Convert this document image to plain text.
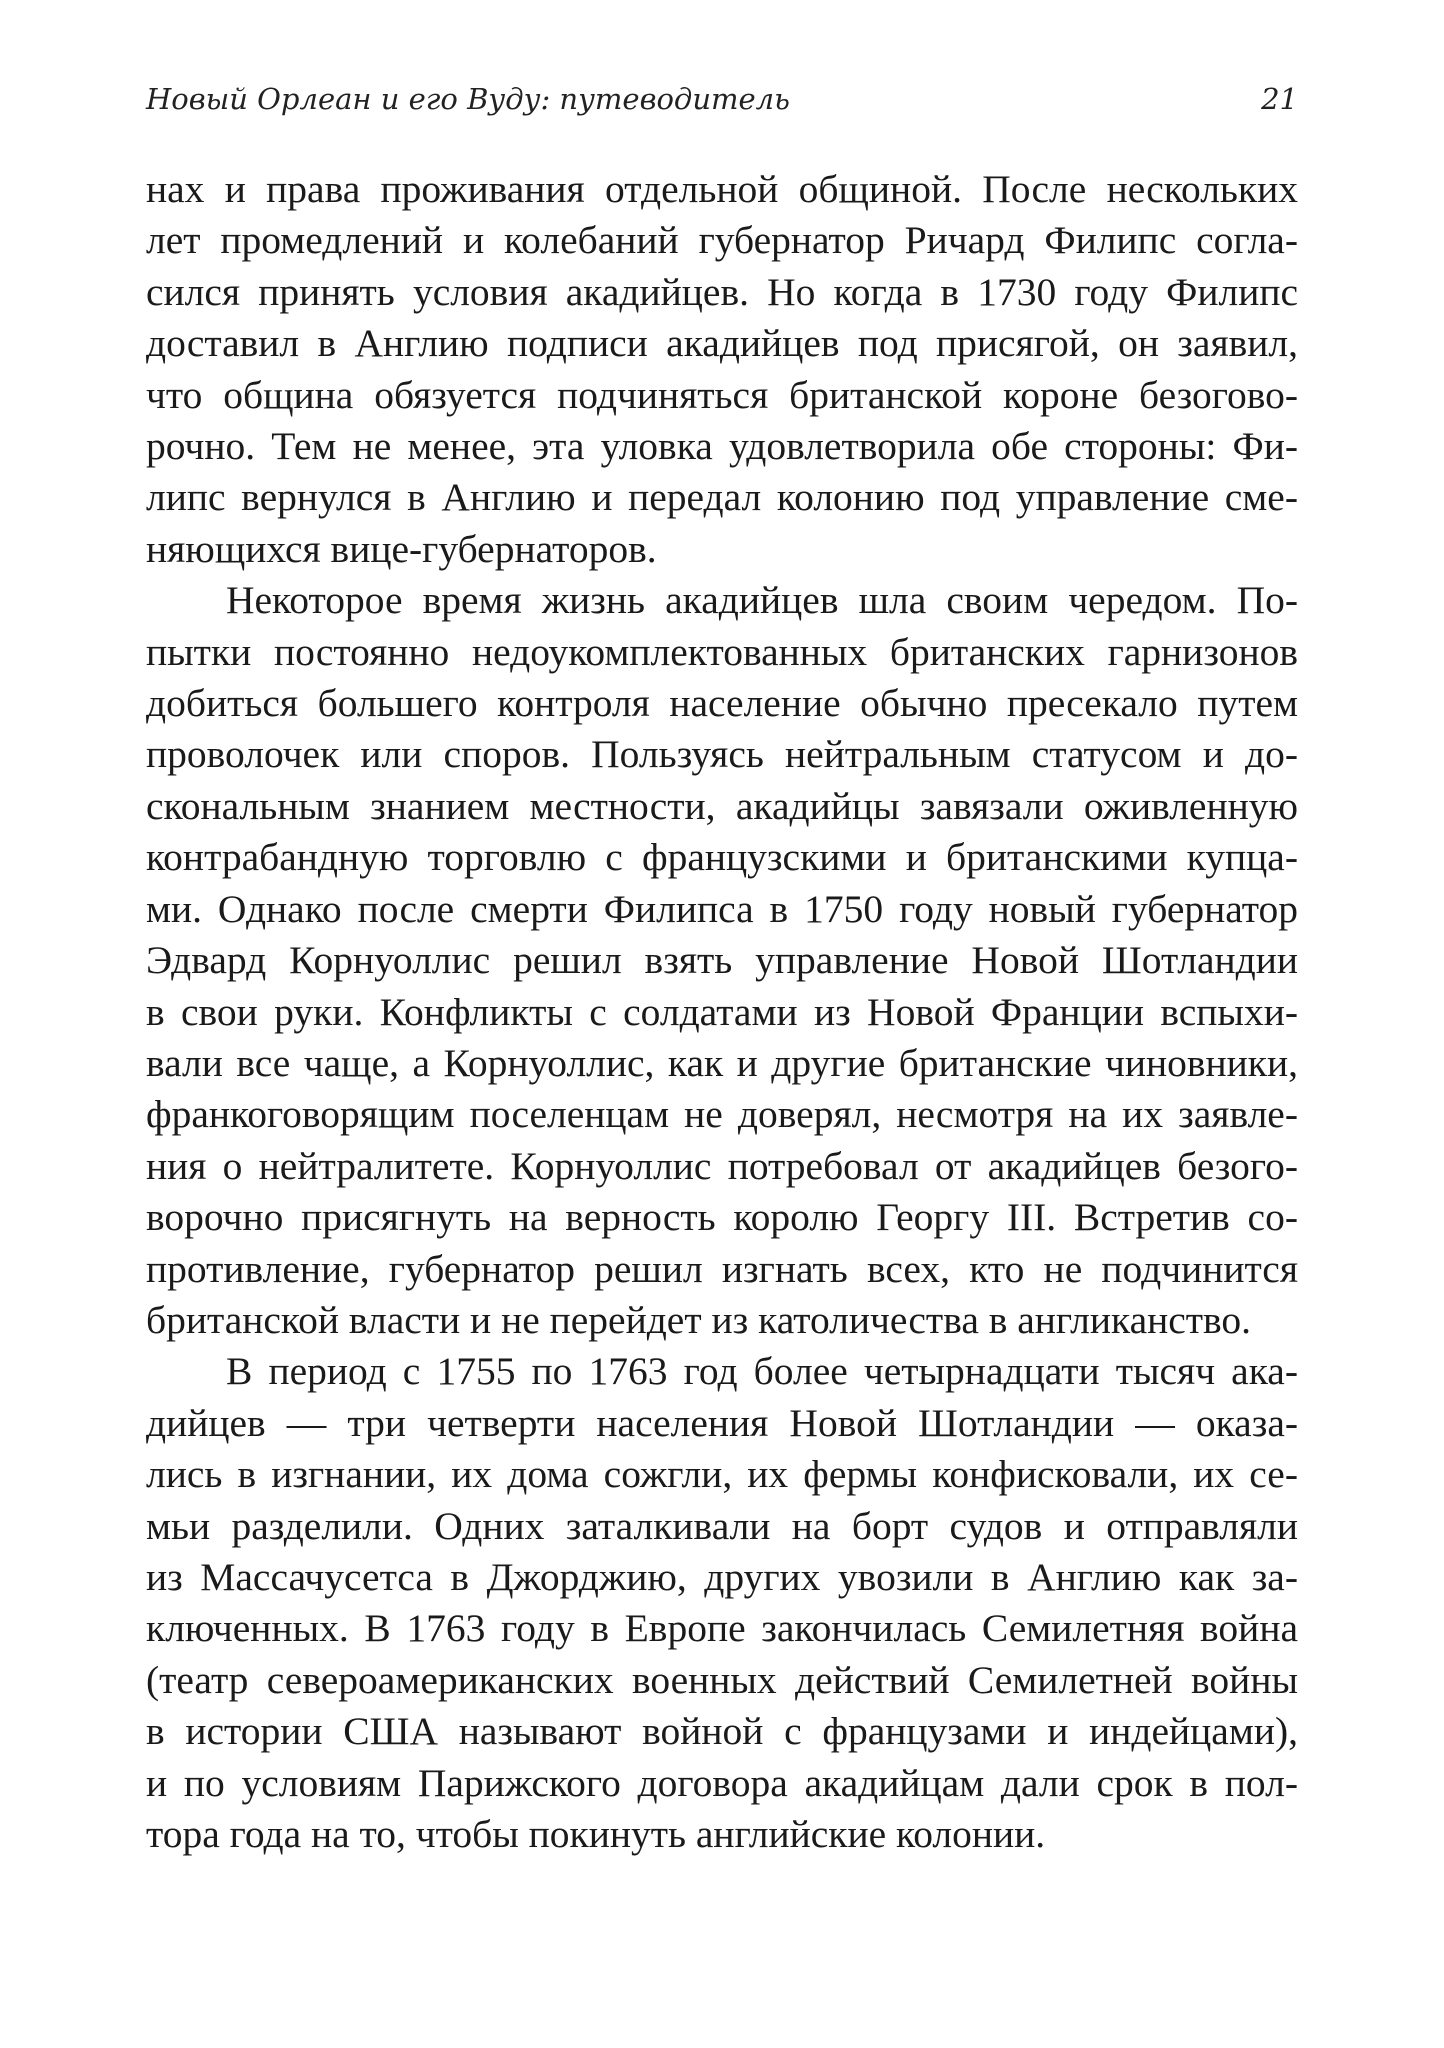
Новый Орлеан и его Вуду: путеводитель	21

нах и права проживания отдельной общиной. После нескольких

лет промедлений и колебаний губернатор Ричард Филипс согла-

сился принять условия акадийцев. Но когда в 1730 году Филипс

доставил в Англию подписи акадийцев под присягой, он заявил,

что община обязуется подчиняться британской короне безогово-

рочно. Тем не менее, эта уловка удовлетворила обе стороны: Фи-

липс вернулся в Англию и передал колонию под управление сме-

няющихся вице-губернаторов.

Некоторое время жизнь акадийцев шла своим чередом. По-

пытки постоянно недоукомплектованных британских гарнизонов

добиться большего контроля население обычно пресекало путем

проволочек или споров. Пользуясь нейтральным статусом и до-

скональным знанием местности, акадийцы завязали оживленную

контрабандную торговлю с французскими и британскими купца-

ми. Однако после смерти Филипса в 1750 году новый губернатор

Эдвард Корнуоллис решил взять управление Новой Шотландии

в свои руки. Конфликты с солдатами из Новой Франции вспыхи-

вали все чаще, а Корнуоллис, как и другие британские чиновники,

франкоговорящим поселенцам не доверял, несмотря на их заявле-

ния о нейтралитете. Корнуоллис потребовал от акадийцев безого-

ворочно присягнуть на верность королю Георгу III. Встретив со-

противление, губернатор решил изгнать всех, кто не подчинится

британской власти и не перейдет из католичества в англиканство.

В период с 1755 по 1763 год более четырнадцати тысяч ака-

дийцев — три четверти населения Новой Шотландии — оказа-

лись в изгнании, их дома сожгли, их фермы конфисковали, их се-

мьи разделили. Одних заталкивали на борт судов и отправляли

из Массачусетса в Джорджию, других увозили в Англию как за-

ключенных. В 1763 году в Европе закончилась Семилетняя война

(театр североамериканских военных действий Семилетней войны

в истории США называют войной с французами и индейцами),

и по условиям Парижского договора акадийцам дали срок в пол-

тора года на то, чтобы покинуть английские колонии.
